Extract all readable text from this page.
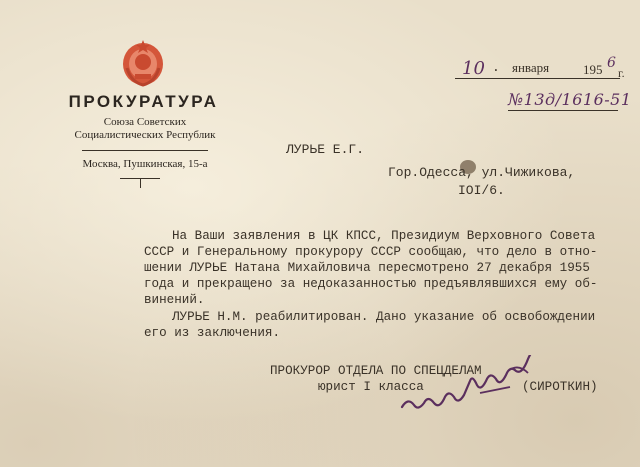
ПРОКУРАТУРА
Союза Советских
Социалистических Республик
Москва, Пушкинская, 15-а
10 . января	195 6
г.
№13д/1616-51
ЛУРЬЕ Е.Г.
Гор.Одесса, ул.Чижикова,
IOI/6.
На Ваши заявления в ЦК КПСС, Президиум Верховного Совета
СССР и Генеральному прокурору СССР сообщаю, что дело в отно-
шении ЛУРЬЕ Натана Михайловича пересмотрено 27 декабря 1955
года и прекращено за недоказанностью предъявлявшихся ему об-
винений.
ЛУРЬЕ Н.М. реабилитирован. Дано указание об освобождении
его из заключения.
ПРОКУРОР ОТДЕЛА ПО СПЕЦДЕЛАМ
юрист I класса	(СИРОТКИН)
